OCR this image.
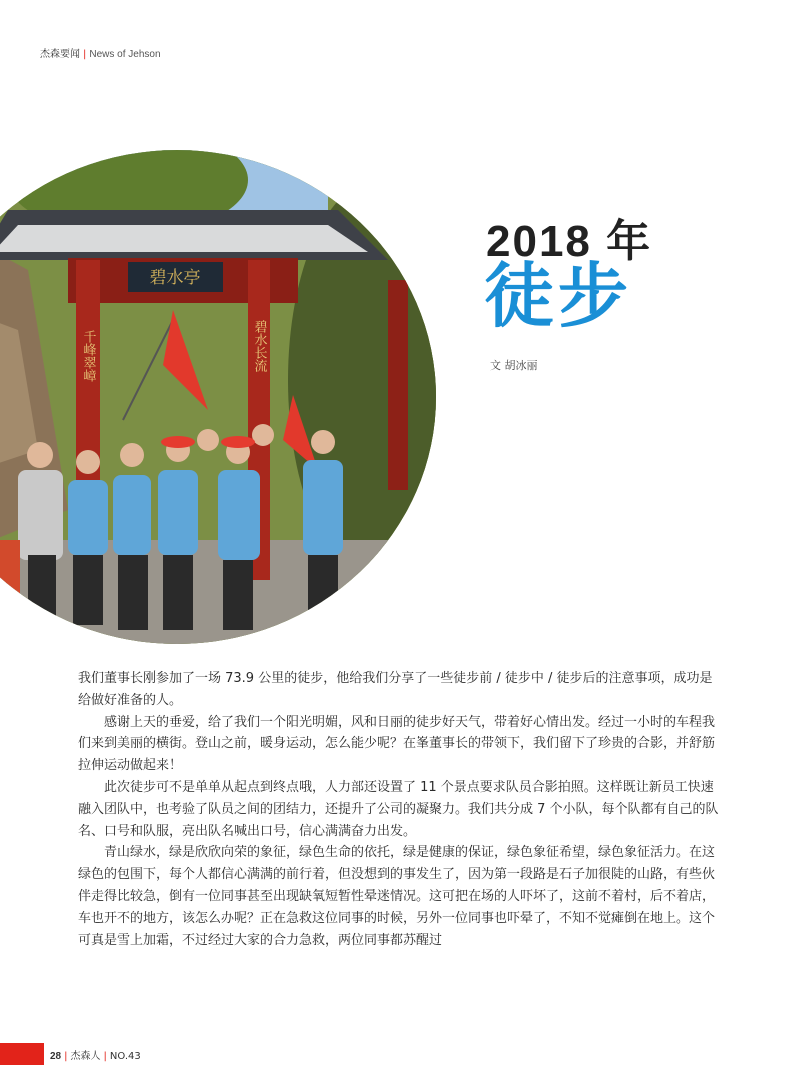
杰森要闻 | News of Jehson
碧水亭
千峰翠嶂	碧水长流
2018 年
徒步
文 胡冰丽

我们董事长刚参加了一场 73.9 公里的徒步，他给我们分享了一些徒步前 / 徒步中 / 徒步后的注意事项，成功是给做好准备的人。

感谢上天的垂爱，给了我们一个阳光明媚，风和日丽的徒步好天气，带着好心情出发。经过一小时的车程我们来到美丽的横街。登山之前，暖身运动，怎么能少呢？在峯董事长的带领下，我们留下了珍贵的合影，并舒筋拉伸运动做起来！

此次徒步可不是单单从起点到终点哦，人力部还设置了 11 个景点要求队员合影拍照。这样既让新员工快速融入团队中，也考验了队员之间的团结力，还提升了公司的凝聚力。我们共分成 7 个小队，每个队都有自己的队名、口号和队服，亮出队名喊出口号，信心满满奋力出发。

青山绿水，绿是欣欣向荣的象征，绿色生命的依托，绿是健康的保证，绿色象征希望，绿色象征活力。在这绿色的包围下，每个人都信心满满的前行着，但没想到的事发生了，因为第一段路是石子加很陡的山路，有些伙伴走得比较急，倒有一位同事甚至出现缺氧短暂性晕迷情况。这可把在场的人吓坏了，这前不着村，后不着店，车也开不的地方，该怎么办呢？正在急救这位同事的时候，另外一位同事也吓晕了，不知不觉瘫倒在地上。这个可真是雪上加霜，不过经过大家的合力急救，两位同事都苏醒过

28 | 杰森人 | NO.43
